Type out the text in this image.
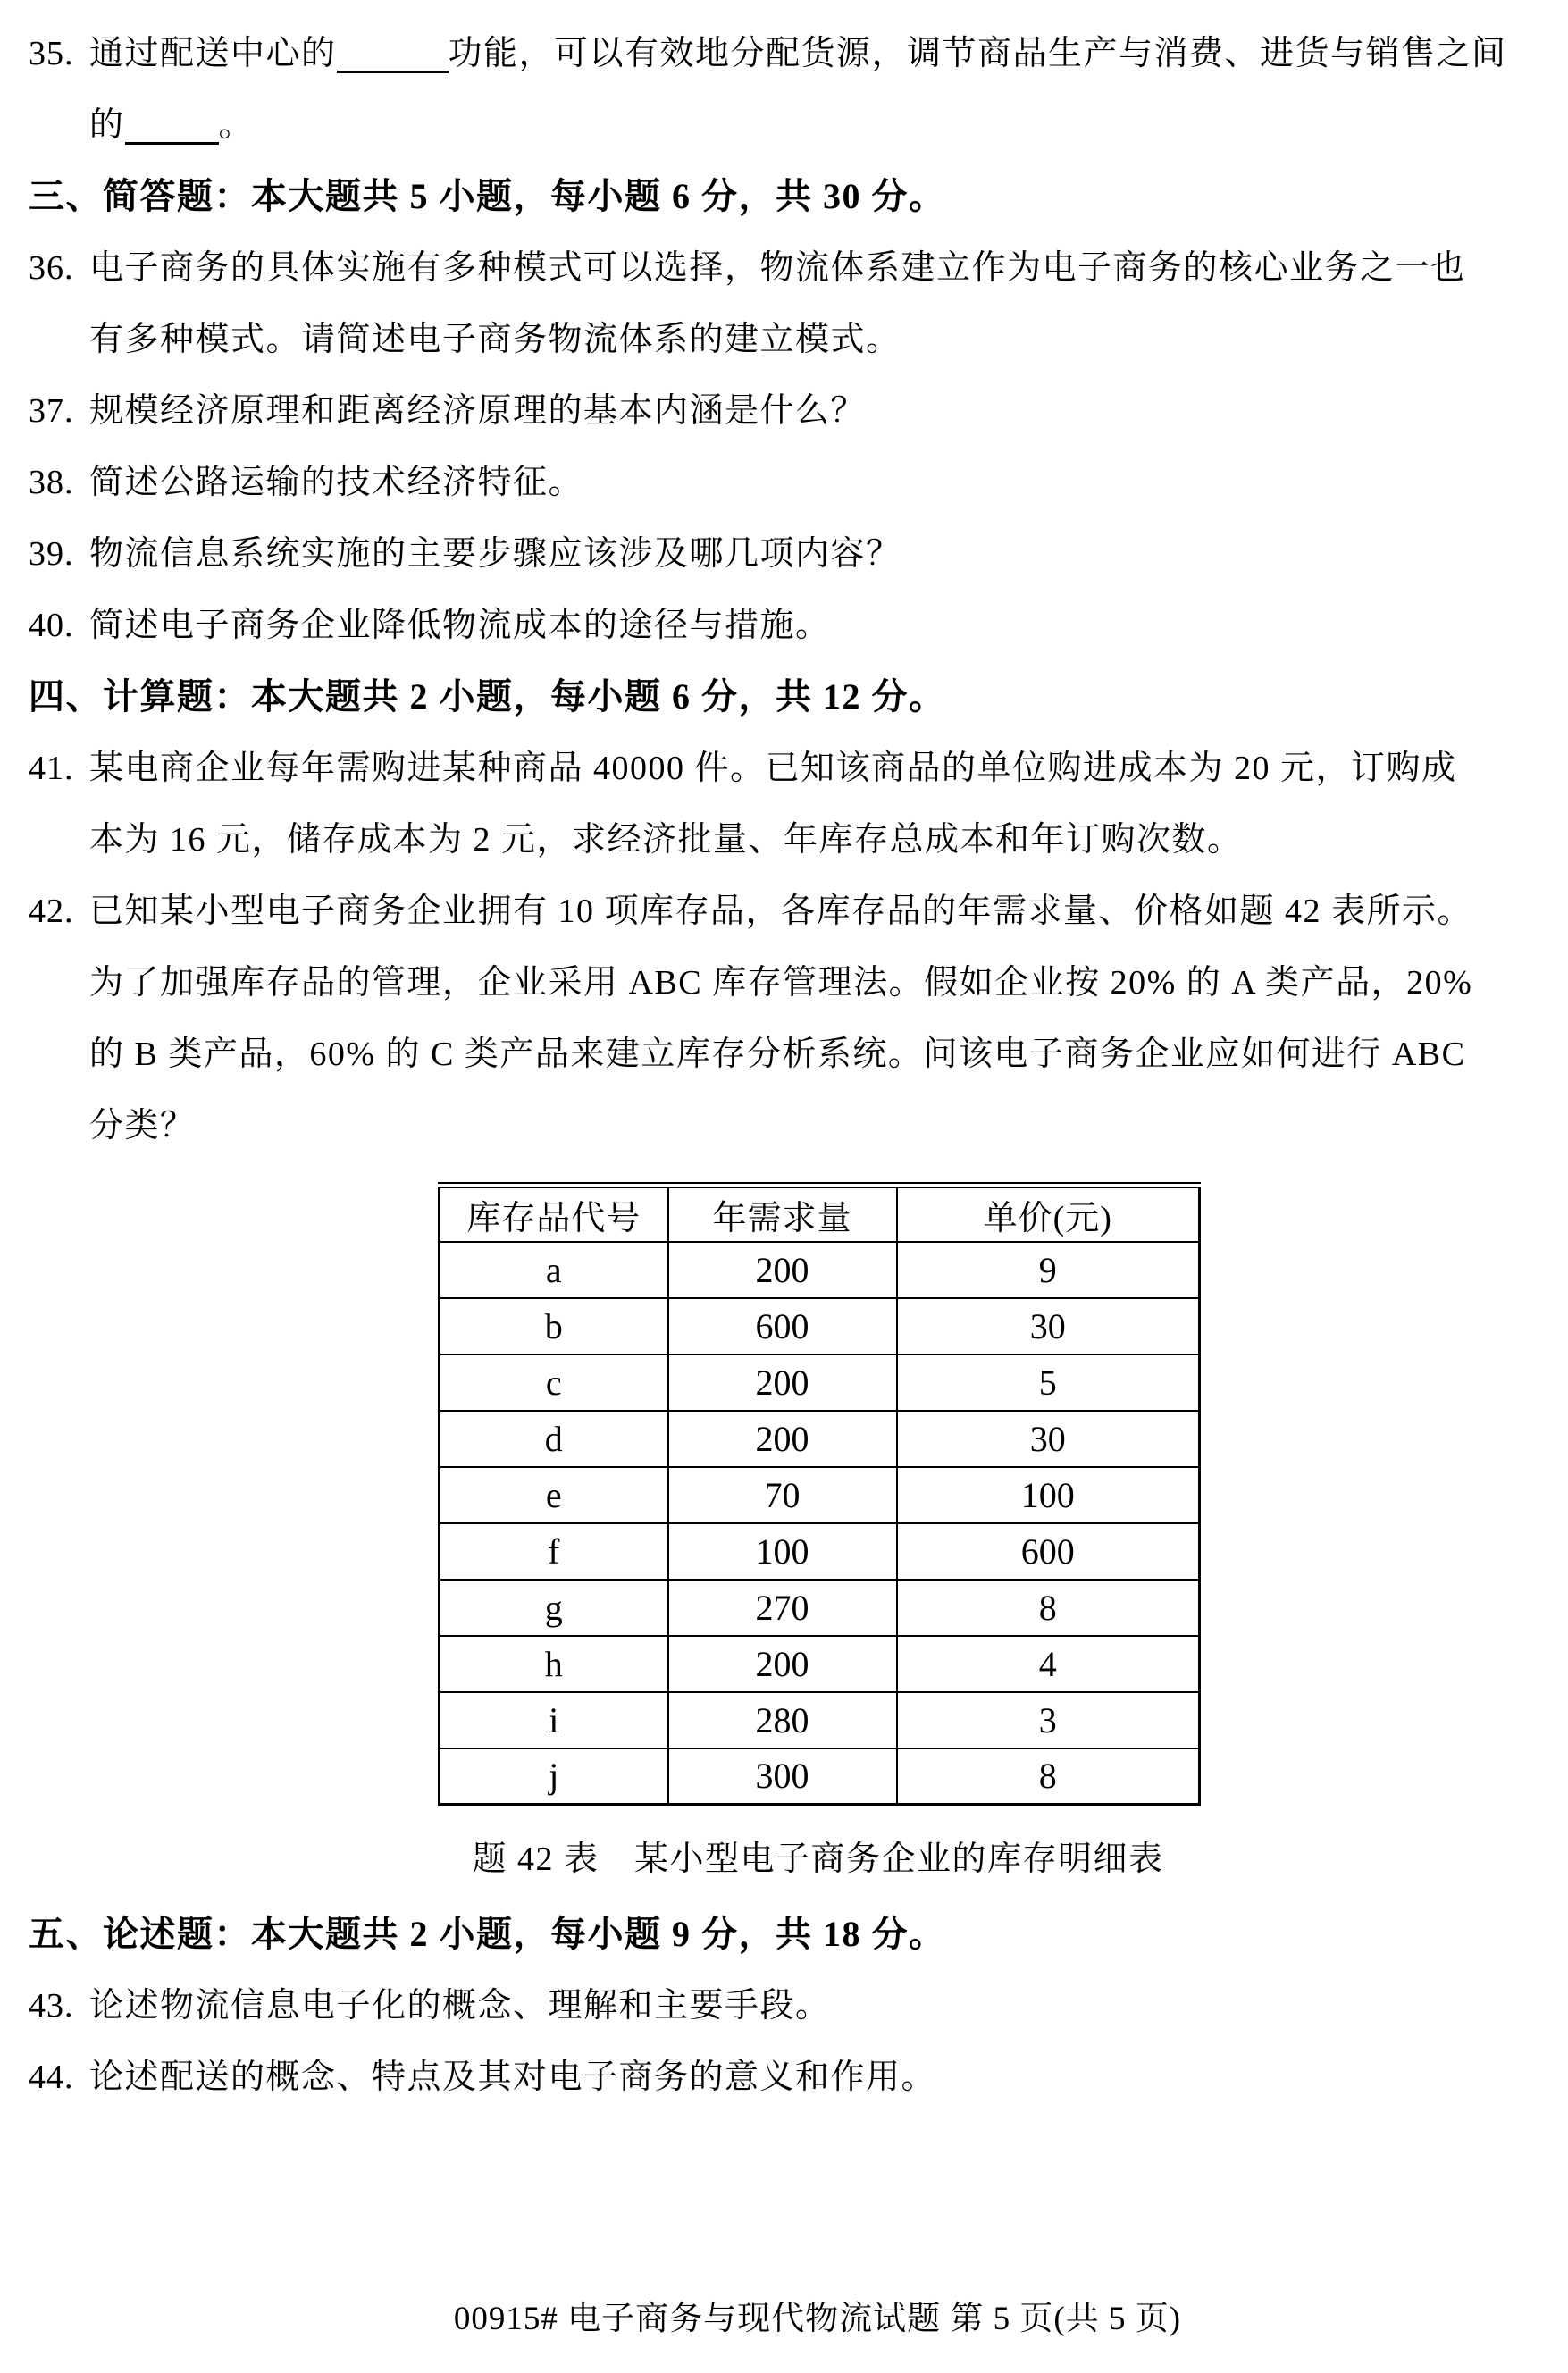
35. 通过配送中心的	功能，可以有效地分配货源，调节商品生产与消费、进货与销售之间
的	。
三、简答题：本大题共 5 小题，每小题 6 分，共 30 分。
36. 电子商务的具体实施有多种模式可以选择，物流体系建立作为电子商务的核心业务之一也
有多种模式。请简述电子商务物流体系的建立模式。
37. 规模经济原理和距离经济原理的基本内涵是什么？
38. 简述公路运输的技术经济特征。
39. 物流信息系统实施的主要步骤应该涉及哪几项内容？
40. 简述电子商务企业降低物流成本的途径与措施。
四、计算题：本大题共 2 小题，每小题 6 分，共 12 分。
41. 某电商企业每年需购进某种商品 40000 件。已知该商品的单位购进成本为 20 元，订购成
本为 16 元，储存成本为 2 元，求经济批量、年库存总成本和年订购次数。
42. 已知某小型电子商务企业拥有 10 项库存品，各库存品的年需求量、价格如题 42 表所示。
为了加强库存品的管理，企业采用 ABC 库存管理法。假如企业按 20% 的 A 类产品，20%
的 B 类产品，60% 的 C 类产品来建立库存分析系统。问该电子商务企业应如何进行 ABC
分类？
库存品代号	年需求量	单价(元)
a	200	9
b	600	30
c	200	5
d	200	30
e	70	100
f	100	600
g	270	8
h	200	4
i	280	3
j	300	8
题 42 表　某小型电子商务企业的库存明细表
五、论述题：本大题共 2 小题，每小题 9 分，共 18 分。
43. 论述物流信息电子化的概念、理解和主要手段。
44. 论述配送的概念、特点及其对电子商务的意义和作用。
00915# 电子商务与现代物流试题 第 5 页(共 5 页)
